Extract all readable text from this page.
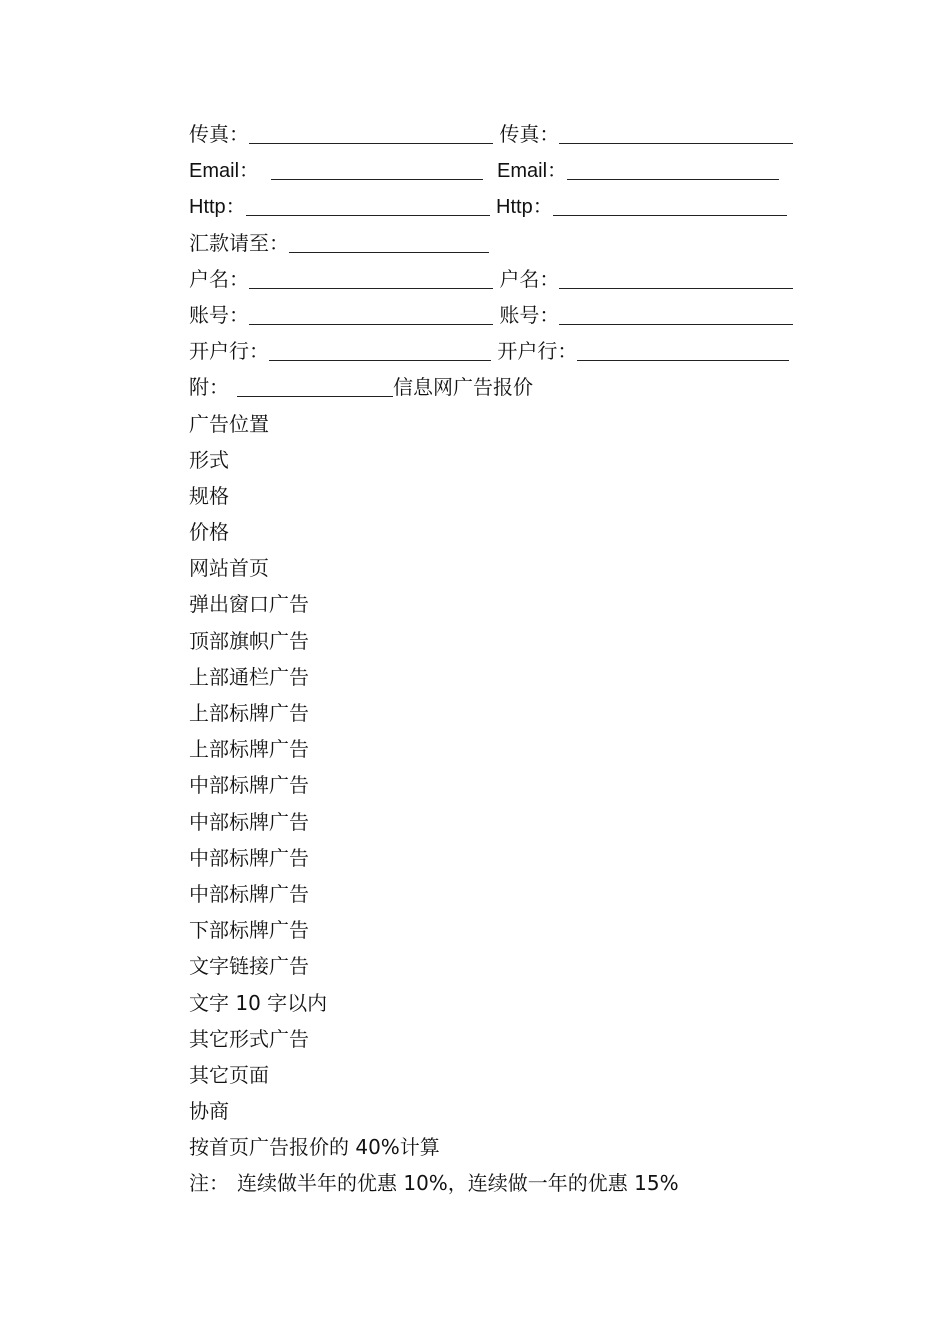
传真：	传真：
Email：	Email：
Http：	Http：
汇款请至：
户名：	户名：
账号：	账号：
开户行：	开户行：
附：	信息网广告报价
广告位置
形式
规格
价格
网站首页
弹出窗口广告
顶部旗帜广告
上部通栏广告
上部标牌广告
上部标牌广告
中部标牌广告
中部标牌广告
中部标牌广告
中部标牌广告
下部标牌广告
文字链接广告
文字 10 字以内
其它形式广告
其它页面
协商
按首页广告报价的 40%计算
注： 连续做半年的优惠 10%，连续做一年的优惠 15%
